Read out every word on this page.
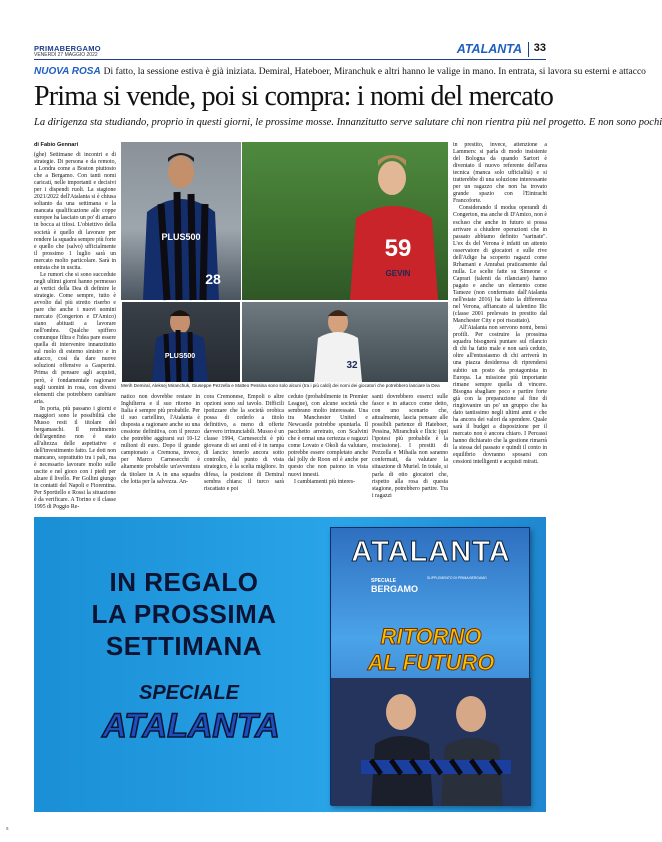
PRIMABERGAMO
VENERDÌ 27 MAGGIO 2022	ATALANTA	33
NUOVA ROSA Di fatto, la sessione estiva è già iniziata. Demiral, Hateboer, Miranchuk e altri hanno le valige in mano. In entrata, si lavora su esterni e attacco
Prima si vende, poi si compra: i nomi del mercato
La dirigenza sta studiando, proprio in questi giorni, le prossime mosse. Innanzitutto serve salutare chi non rientra più nel progetto. E non sono pochi
di Fabio Gennari

(ghe) Settimane di incontri e di strategie. Di persona e da remoto, a Londra come a Boston piuttosto che a Bergamo. Con tanti nomi caricati, nelle importanti e decisivi per i dispendi ruoli. La stagione 2021/2022 dell'Atalanta si è chiusa soltanto da una settimana e la mancata qualificazione alle coppe europee ha lasciato un po' di amaro in bocca ai tifosi. L'obiettivo della società è quello di lavorare per rendere la squadra sempre più forte e quello che (salvo) ufficialmente il prossimo 1 luglio sarà un mercato molto particolare. Sarà in entrata che in uscita.

Le rumori che si sono succedute negli ultimi giorni hanno permesso ai vertici della Dea di definire le strategie. Come sempre, tutto è avvolto dal più stretto riserbo e pare che anche i nuovi uomini mercato (Congerton e D'Amico) siano abituati a lavorare nell'ombra. Qualche spiffero comunque filtra e l'idea pare essere quella di intervenire innanzitutto sul ruolo di esterno sinistro e in attacco, così da dare nuove soluzioni offensive a Gasperini. Prima di pensare agli acquisti, però, è fondamentale ragionare sugli uomini in rosa, con diversi elementi che potrebbero cambiare aria.

In porta, più passano i giorni e maggiori sono le possibilità che Musso resti il titolare del bergamaschi. Il rendimento dell'argentino non è stato all'altezza delle aspettative e dell'investimento fatto. Le doti non mancano, soprattutto tra i pali, ma è necessario lavorare molto sulle uscite e nel gioco con i piedi per alzare il livello. Per Gollini giungo in contatti del Napoli e Fiorentina. Per Sportiello e Rossi la situazione è da verificare. A Torino e il classe 1995 di Poggio Re-

PLUS500
28
PLUS500
59
GEVIN
32
Merih Demiral, Aleksej Miranchuk, Giuseppe Pezzella e Matteo Pessina sono solo alcuni (tra i più caldi) dei nomi dei giocatori che potrebbero lasciare la Dea

in prestito, invece, attenzione a Lammers: si parla di modo insistente del Bologna da quando Sartori è diventato il nuovo referente dell'area tecnica (manca solo ufficialità) e si tratterebbe di una soluzione interessante per un ragazzo che non ha trovato grande spazio con l'Eintracht Francoforte.

Considerando il modus operandi di Congerton, ma anche di D'Amico, non è escluso che anche in futuro si possa arrivare a chiudere operazioni che in passato abbiamo definito "sarinate". L'ex ds del Verona è infatti un attento osservatore di giocatori e sulle rive dell'Adige ha scoperto ragazzi come Rrhamani e Amrabat praticamente dal nulla. Le scelte fatte su Simeone e Caprari (talenti da rilanciare) hanno pagato e anche un elemento come Tameze (non confermato dall'Atalanta nell'estate 2016) ha fatto la differenza nel Verona, affiancato al talentino Ilic (classe 2001 prelevato in prestito dal Manchester City e poi riscattato).

All'Atalanta non servono nomi, bensì profili. Per costruire la prossima squadra bisognerà puntare sul rilancio di chi ha fatto male e non sarà ceduto, oltre all'entusiasmo di chi arriverà in una piazza desiderosa di riprendersi subito un posto da protagonista in Europa. La missione più importante rimane sempre quella di vincere. Bisogna sbagliare poco e partire forte già con la preparazione al fine di ringiovanire un po' un gruppo che ha dato tantissimo negli ultimi anni e che ha ancora dei valori da spendere. Quale sarà il budget a disposizione per il mercato non è ancora chiaro. I Percassi hanno dichiarato che la gestione rimarrà la stessa del passato e quindi il conto in equilibrio dovranno sposarsi con cessioni intelligenti e acquisti mirati.

natico non dovrebbe restare in Inghilterra e il suo ritorno in Italia è sempre più probabile. Per il suo cartellino, l'Atalanta è disposta a ragionare anche su una cessione definitiva, con il prezzo che potrebbe aggirarsi sui 10-12 milioni di euro. Dopo il grande campionato a Cremona, invece, per Marco Carnesecchi è altamente probabile un'avventura da titolare in A in una squadra che lotta per la salvezza. An-

cora Cremonese, Empoli o altre opzioni sono sul tavolo. Difficili ipotizzare che la società orobica possa di cederlo a titolo definitivo, a meno di offerte davvero irrinunciabili. Musso è un classe 1994, Carnesecchi è più giovane di sei anni ed è in rampa di lancio: tenerlo ancora sotto controllo, dal punto di vista strategico, è la scelta migliore. In difesa, la posizione di Demiral sembra chiara: il turco sarà riscattato e poi

ceduto (probabilmente in Premier League), con alcune società che sembrano molto interessate. Una tra Manchester United e Newcastle potrebbe spuntarla. Il pacchetto arretrato, con Scalvini che è ormai una certezza e ragazzi come Lovato e Okoli da valutare, potrebbe essere completato anche dal jolly de Roon ed è anche per questo che non paiono in vista nuovi innesti.

I cambiamenti più interes-

santi dovrebbero esserci sulle fasce e in attacco come detto, con uno scenario che, attualmente, lascia pensare alle possibili partenze di Hateboer, Pessina, Miranchuk e Ilicic (qui l'ipotesi più probabile è la rescissione). I prestiti di Pezzella e Mihaila non saranno confermati, da valutare la situazione di Muriel. In totale, si parla di otto giocatori che, rispetto alla rosa di questa stagione, potrebbero partire. Tra i ragazzi

IN REGALO
LA PROSSIMA
SETTIMANA
SPECIALE
ATALANTA
ATALANTA
SPECIALE
BERGAMO
SUPPLEMENTO DI PRIMA BERGAMO
RITORNO
AL FUTURO
s
